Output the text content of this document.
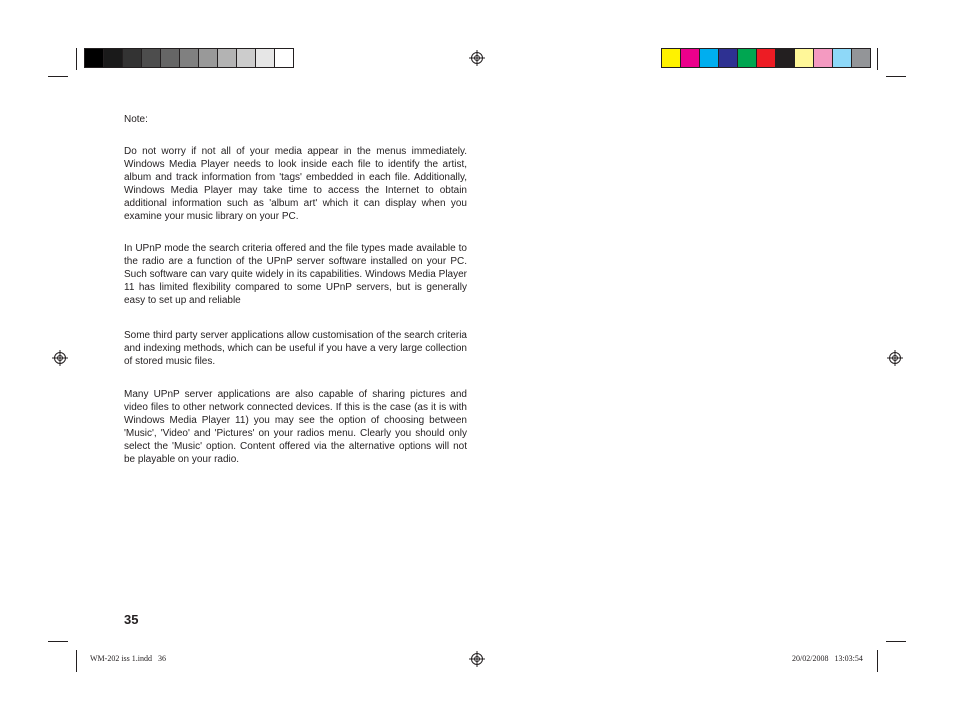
Note:

Do not worry if not all of your media appear in the menus immediately. Windows Media Player needs to look inside each file to identify the artist, album and track information from 'tags' embedded in each file. Additionally, Windows Media Player may take time to access the Internet to obtain additional information such as 'album art' which it can display when you examine your music library on your PC.

In UPnP mode the search criteria offered and the file types made available to the radio are a function of the UPnP server software installed on your PC. Such software can vary quite widely in its capabilities. Windows Media Player 11 has limited flexibility compared to some UPnP servers, but is generally easy to set up and reliable

Some third party server applications allow customisation of the search criteria and indexing methods, which can be useful if you have a very large collection of stored music files.

Many UPnP server applications are also capable of sharing pictures and video files to other network connected devices. If this is the case (as it is with Windows Media Player 11) you may see the option of choosing between 'Music', 'Video' and 'Pictures' on your radios menu. Clearly you should only select the 'Music' option. Content offered via the alternative options will not be playable on your radio.

35
WM-202 iss 1.indd   36	20/02/2008   13:03:54
